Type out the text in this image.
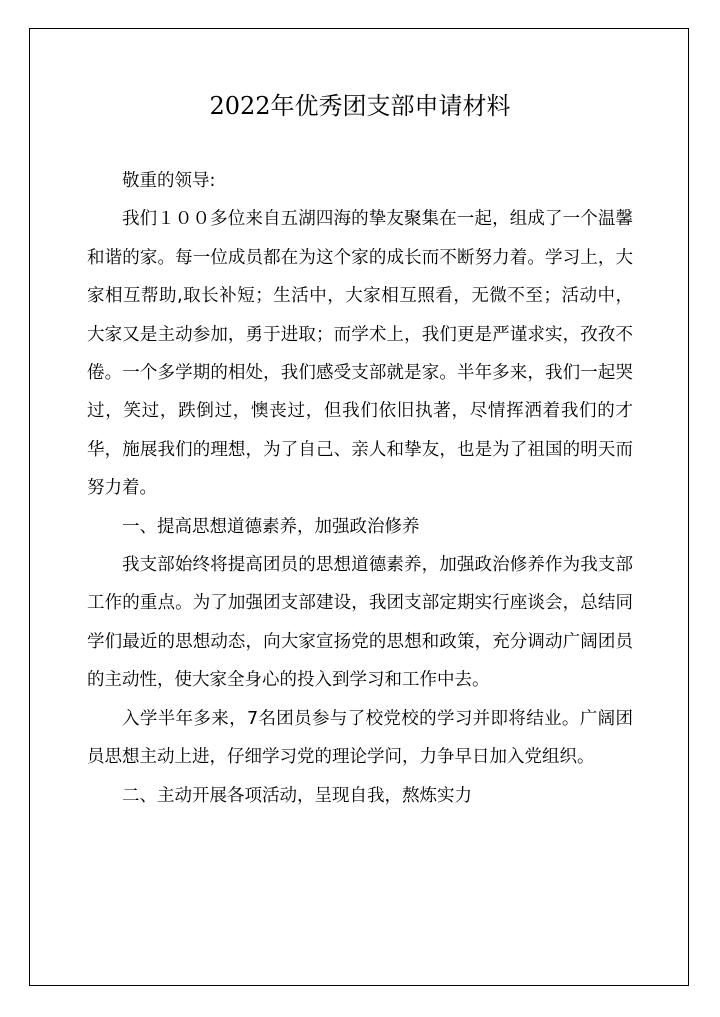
2022年优秀团支部申请材料

敬重的领导:

我们１００多位来自五湖四海的挚友聚集在一起，组成了一个温馨和谐的家。每一位成员都在为这个家的成长而不断努力着。学习上，大家相互帮助,取长补短；生活中，大家相互照看，无微不至；活动中，大家又是主动参加，勇于进取；而学术上，我们更是严谨求实，孜孜不倦。一个多学期的相处，我们感受支部就是家。半年多来，我们一起哭过，笑过，跌倒过，懊丧过，但我们依旧执著，尽情挥洒着我们的才华，施展我们的理想，为了自己、亲人和挚友，也是为了祖国的明天而努力着。

一、提高思想道德素养，加强政治修养

我支部始终将提高团员的思想道德素养，加强政治修养作为我支部工作的重点。为了加强团支部建设，我团支部定期实行座谈会，总结同学们最近的思想动态，向大家宣扬党的思想和政策，充分调动广阔团员的主动性，使大家全身心的投入到学习和工作中去。

入学半年多来，7名团员参与了校党校的学习并即将结业。广阔团员思想主动上进，仔细学习党的理论学问，力争早日加入党组织。

二、主动开展各项活动，呈现自我，熬炼实力
